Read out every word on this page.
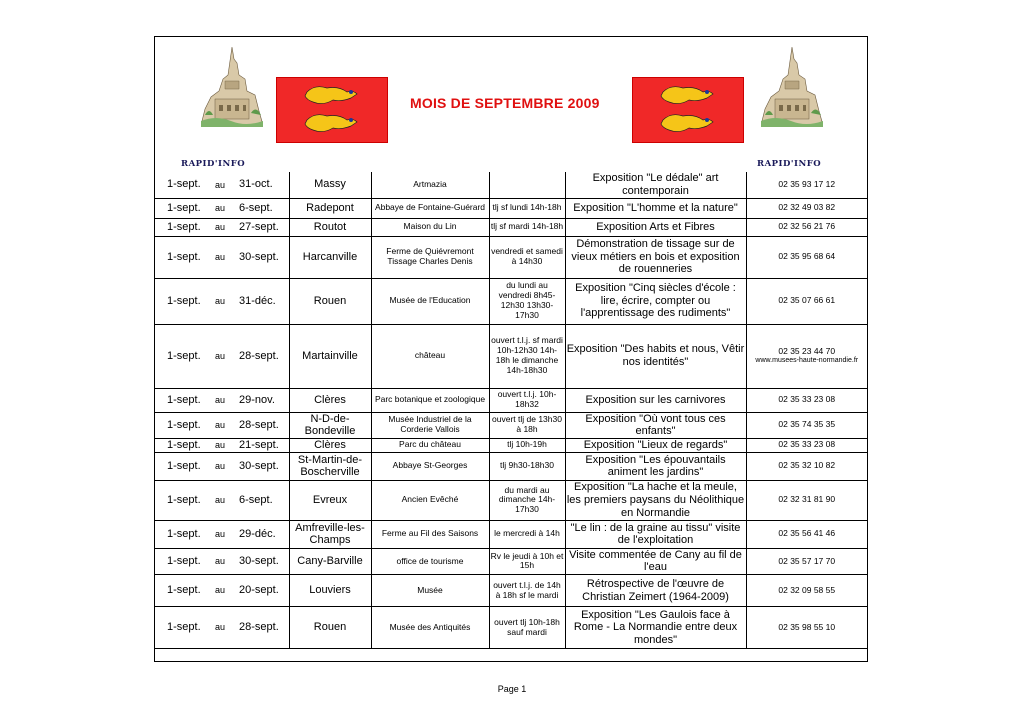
RAPID'INFO
MOIS DE SEPTEMBRE 2009
RAPID'INFO
1-sept.	au	31-oct.	Massy	Artmazia		Exposition "Le dédale" art contemporain	02 35 93 17 12
1-sept.	au	6-sept.	Radepont	Abbaye de Fontaine-Guérard	tlj sf lundi 14h-18h	Exposition "L'homme et la nature"	02 32 49 03 82
1-sept.	au	27-sept.	Routot	Maison du Lin	tlj sf mardi 14h-18h	Exposition Arts et Fibres	02 32 56 21 76
1-sept.	au	30-sept.	Harcanville	Ferme de Quiévremont Tissage Charles Denis	vendredi et samedi à 14h30	Démonstration de tissage sur de vieux métiers en bois et exposition de rouenneries	02 35 95 68 64
1-sept.	au	31-déc.	Rouen	Musée de l'Education	du lundi au vendredi 8h45-12h30 13h30-17h30	Exposition "Cinq siècles d'école : lire, écrire, compter ou l'apprentissage des rudiments"	02 35 07 66 61
1-sept.	au	28-sept.	Martainville	château	ouvert t.l.j. sf mardi 10h-12h30 14h-18h le dimanche 14h-18h30	Exposition "Des habits et nous, Vêtir nos identités"	02 35 23 44 70
www.musees-haute-normandie.fr

1-sept.	au	29-nov.	Clères	Parc botanique et zoologique	ouvert t.l.j. 10h-18h32	Exposition sur les carnivores	02 35 33 23 08
1-sept.	au	28-sept.	N-D-de-Bondeville	Musée Industriel de la Corderie Vallois	ouvert tlj de 13h30 à 18h	Exposition "Où vont tous ces enfants"	02 35 74 35 35
1-sept.	au	21-sept.	Clères	Parc du château	tlj 10h-19h	Exposition "Lieux de regards"	02 35 33 23 08
1-sept.	au	30-sept.	St-Martin-de-Boscherville	Abbaye St-Georges	tlj 9h30-18h30	Exposition "Les épouvantails animent les jardins"	02 35 32 10 82
1-sept.	au	6-sept.	Evreux	Ancien Evêché	du mardi au dimanche 14h-17h30	Exposition "La hache et la meule, les premiers paysans du Néolithique en Normandie	02 32 31 81 90
1-sept.	au	29-déc.	Amfreville-les-Champs	Ferme au Fil des Saisons	le mercredi à 14h	"Le lin : de la graine au tissu" visite de l'exploitation	02 35 56 41 46
1-sept.	au	30-sept.	Cany-Barville	office de tourisme	Rv le jeudi à 10h et 15h	Visite commentée de Cany au fil de l'eau	02 35 57 17 70
1-sept.	au	20-sept.	Louviers	Musée	ouvert t.l.j. de 14h à 18h sf le mardi	Rétrospective de l'œuvre de Christian Zeimert (1964-2009)	02 32 09 58 55
1-sept.	au	28-sept.	Rouen	Musée des Antiquités	ouvert tlj 10h-18h sauf mardi	Exposition "Les Gaulois face à Rome - La Normandie entre deux mondes"	02 35 98 55 10
Page 1
